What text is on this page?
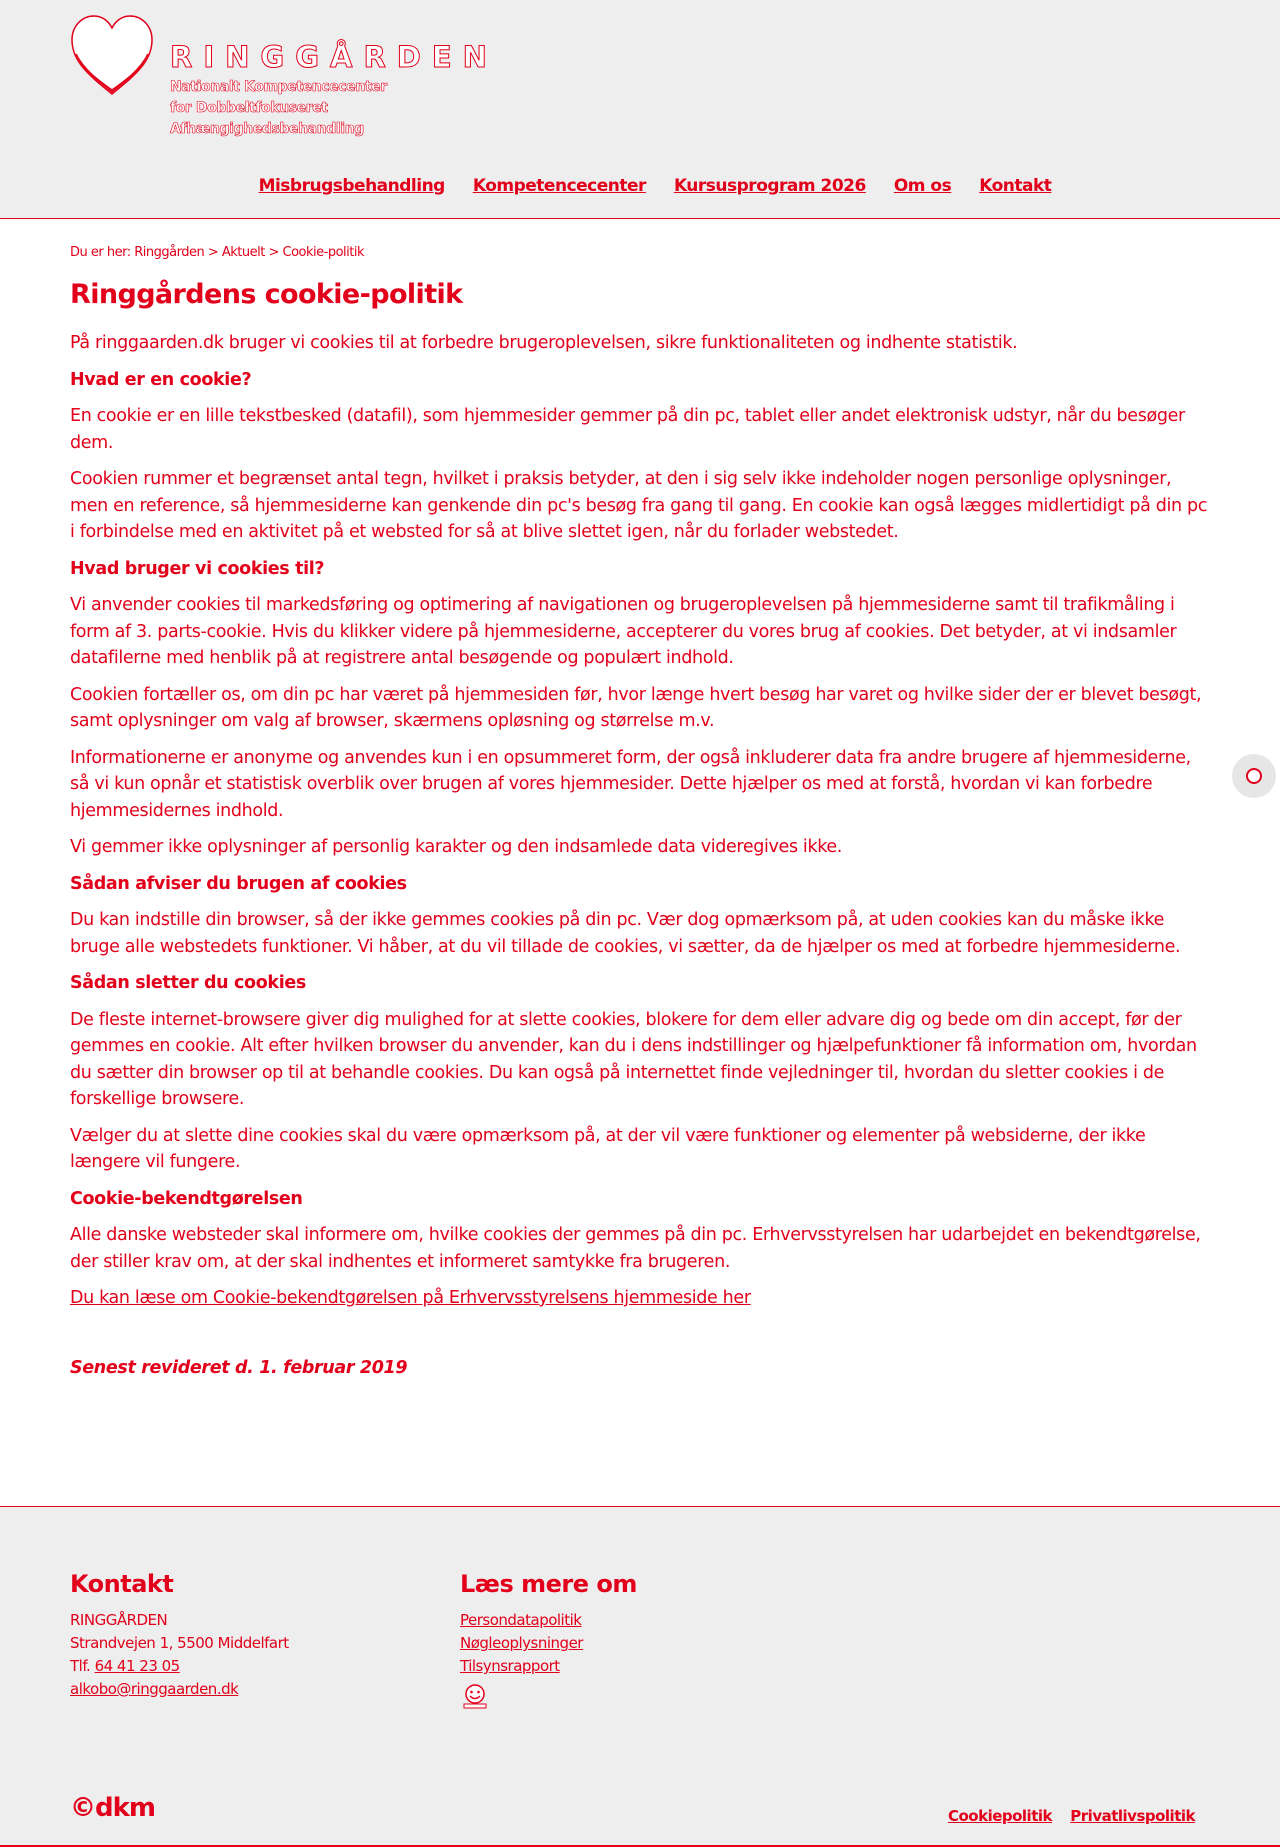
RINGGÅRDEN
Nationalt Kompetencecenter
for Dobbeltfokuseret
Afhængighedsbehandling
Misbrugsbehandling Kompetencecenter Kursusprogram 2026 Om os Kontakt
Du er her: Ringgården > Aktuelt > Cookie-politik
Ringgårdens cookie-politik

På ringgaarden.dk bruger vi cookies til at forbedre brugeroplevelsen, sikre funktionaliteten og indhente statistik.

Hvad er en cookie?

En cookie er en lille tekstbesked (datafil), som hjemmesider gemmer på din pc, tablet eller andet elektronisk udstyr, når du besøger dem.

Cookien rummer et begrænset antal tegn, hvilket i praksis betyder, at den i sig selv ikke indeholder nogen personlige oplysninger, men en reference, så hjemmesiderne kan genkende din pc's besøg fra gang til gang. En cookie kan også lægges midlertidigt på din pc i forbindelse med en aktivitet på et websted for så at blive slettet igen, når du forlader webstedet.

Hvad bruger vi cookies til?

Vi anvender cookies til markedsføring og optimering af navigationen og brugeroplevelsen på hjemmesiderne samt til trafikmåling i form af 3. parts-cookie. Hvis du klikker videre på hjemmesiderne, accepterer du vores brug af cookies. Det betyder, at vi indsamler datafilerne med henblik på at registrere antal besøgende og populært indhold.

Cookien fortæller os, om din pc har været på hjemmesiden før, hvor længe hvert besøg har varet og hvilke sider der er blevet besøgt, samt oplysninger om valg af browser, skærmens opløsning og størrelse m.v.

Informationerne er anonyme og anvendes kun i en opsummeret form, der også inkluderer data fra andre brugere af hjemmesiderne, så vi kun opnår et statistisk overblik over brugen af vores hjemmesider. Dette hjælper os med at forstå, hvordan vi kan forbedre hjemmesidernes indhold.

Vi gemmer ikke oplysninger af personlig karakter og den indsamlede data videregives ikke.

Sådan afviser du brugen af cookies

Du kan indstille din browser, så der ikke gemmes cookies på din pc. Vær dog opmærksom på, at uden cookies kan du måske ikke bruge alle webstedets funktioner. Vi håber, at du vil tillade de cookies, vi sætter, da de hjælper os med at forbedre hjemmesiderne.

Sådan sletter du cookies

De fleste internet-browsere giver dig mulighed for at slette cookies, blokere for dem eller advare dig og bede om din accept, før der gemmes en cookie. Alt efter hvilken browser du anvender, kan du i dens indstillinger og hjælpefunktioner få information om, hvordan du sætter din browser op til at behandle cookies. Du kan også på internettet finde vejledninger til, hvordan du sletter cookies i de forskellige browsere.

Vælger du at slette dine cookies skal du være opmærksom på, at der vil være funktioner og elementer på websiderne, der ikke længere vil fungere.

Cookie-bekendtgørelsen

Alle danske websteder skal informere om, hvilke cookies der gemmes på din pc. Erhvervsstyrelsen har udarbejdet en bekendtgørelse, der stiller krav om, at der skal indhentes et informeret samtykke fra brugeren.

Du kan læse om Cookie-bekendtgørelsen på Erhvervsstyrelsens hjemmeside her
Senest revideret d. 1. februar 2019
Kontakt
RINGGÅRDEN
Strandvejen 1, 5500 Middelfart
Tlf. 64 41 23 05
alkobo@ringgaarden.dk
Læs mere om
Persondatapolitik
Nøgleoplysninger
Tilsynsrapport
©dkm	Cookiepolitik Privatlivspolitik
